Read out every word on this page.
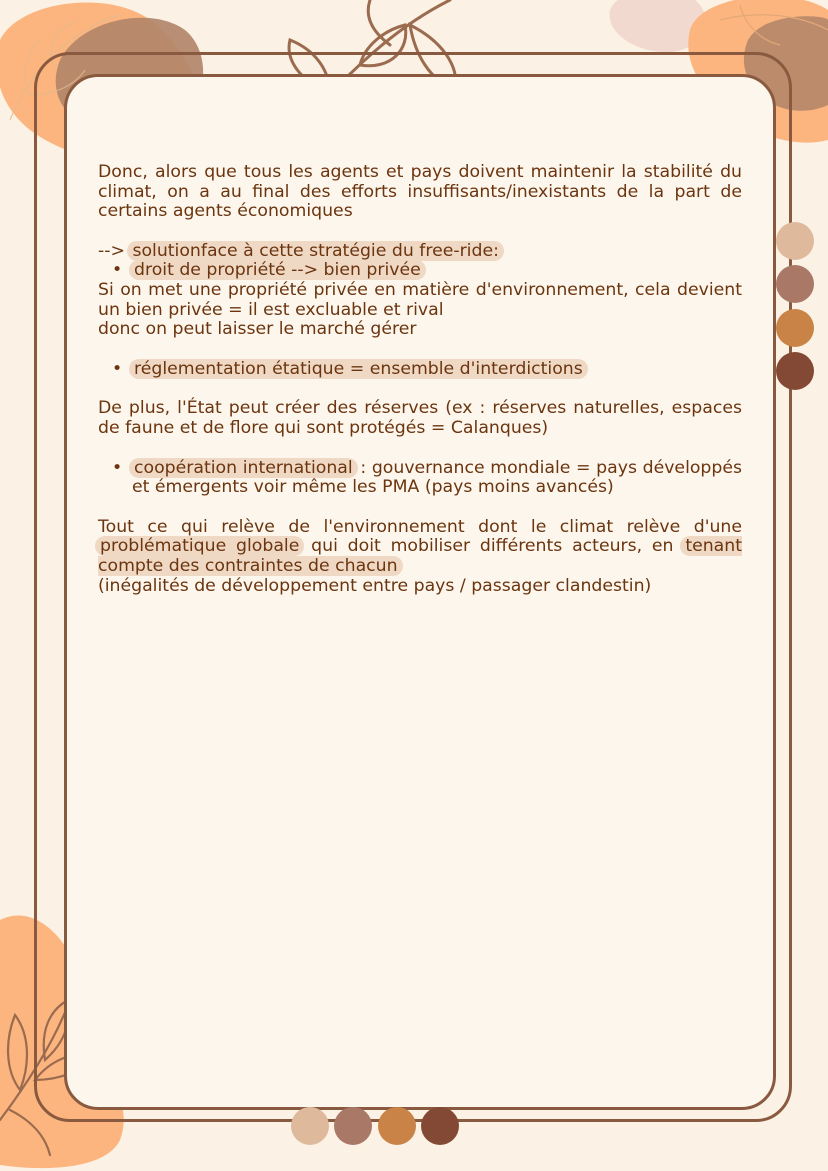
Donc, alors que tous les agents et pays doivent maintenir la stabilité du climat, on a au final des efforts insuffisants/inexistants de la part de certains agents économiques

--> solutionface à cette stratégie du free-ride:

• droit de propriété --> bien privée

Si on met une propriété privée en matière d'environnement, cela devient un bien privée = il est excluable et rival

donc on peut laisser le marché gérer

• réglementation étatique = ensemble d'interdictions

De plus, l'État peut créer des réserves (ex : réserves naturelles, espaces de faune et de flore qui sont protégés = Calanques)

• coopération international : gouvernance mondiale = pays développés et émergents voir même les PMA (pays moins avancés)

Tout ce qui relève de l'environnement dont le climat relève d'une problématique globale qui doit mobiliser différents acteurs, en tenant compte des contraintes de chacun

(inégalités de développement entre pays / passager clandestin)
